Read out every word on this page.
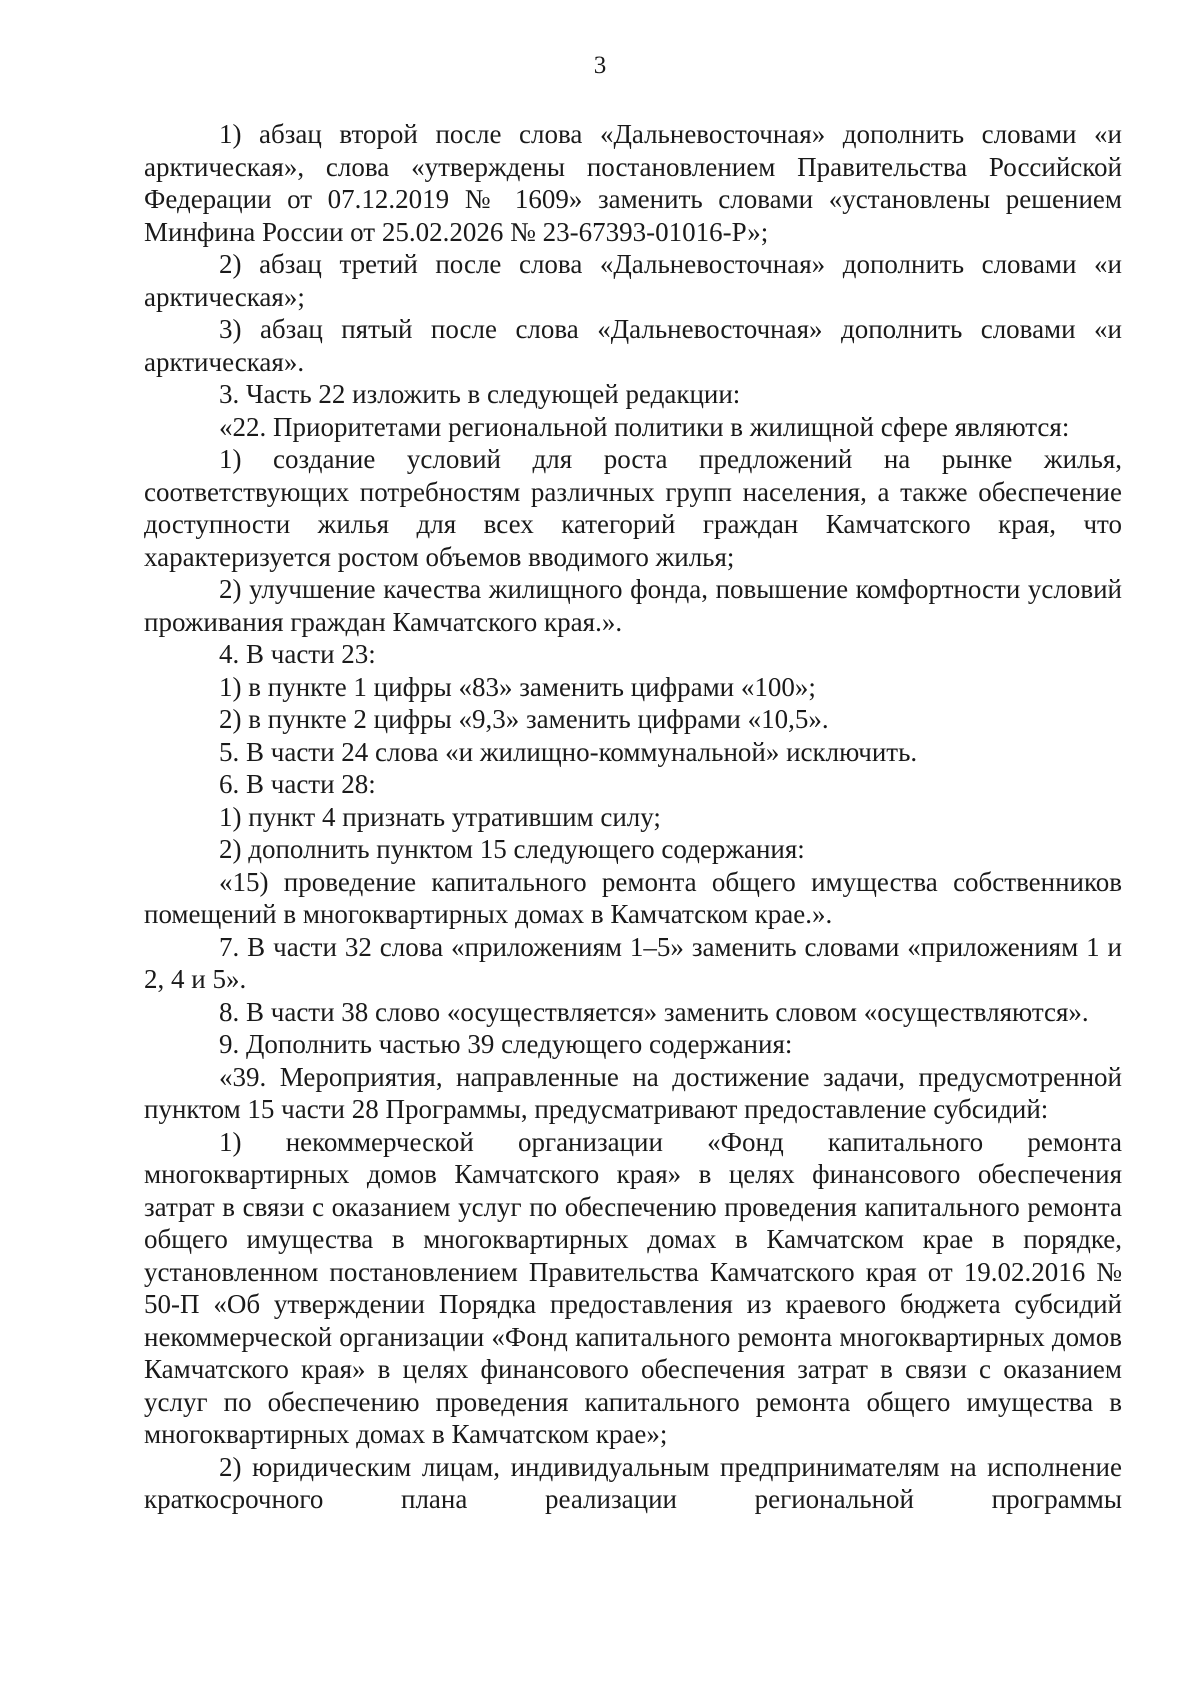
3

1) абзац второй после слова «Дальневосточная» дополнить словами «и арктическая», слова «утверждены постановлением Правительства Российской Федерации от 07.12.2019 № 1609» заменить словами «установлены решением Минфина России от 25.02.2026 № 23-67393-01016-Р»;

2) абзац третий после слова «Дальневосточная» дополнить словами «и арктическая»;

3) абзац пятый после слова «Дальневосточная» дополнить словами «и арктическая».

3. Часть 22 изложить в следующей редакции:

«22. Приоритетами региональной политики в жилищной сфере являются:

1) создание условий для роста предложений на рынке жилья, соответствующих потребностям различных групп населения, а также обеспечение доступности жилья для всех категорий граждан Камчатского края, что характеризуется ростом объемов вводимого жилья;

2) улучшение качества жилищного фонда, повышение комфортности условий проживания граждан Камчатского края.».

4. В части 23:

1) в пункте 1 цифры «83» заменить цифрами «100»;

2) в пункте 2 цифры «9,3» заменить цифрами «10,5».

5. В части 24 слова «и жилищно-коммунальной» исключить.

6. В части 28:

1) пункт 4 признать утратившим силу;

2) дополнить пунктом 15 следующего содержания:

«15) проведение капитального ремонта общего имущества собственников помещений в многоквартирных домах в Камчатском крае.».

7. В части 32 слова «приложениям 1–5» заменить словами «приложениям 1 и 2, 4 и 5».

8. В части 38 слово «осуществляется» заменить словом «осуществляются».

9. Дополнить частью 39 следующего содержания:

«39. Мероприятия, направленные на достижение задачи, предусмотренной пунктом 15 части 28 Программы, предусматривают предоставление субсидий:

1) некоммерческой организации «Фонд капитального ремонта многоквартирных домов Камчатского края» в целях финансового обеспечения затрат в связи с оказанием услуг по обеспечению проведения капитального ремонта общего имущества в многоквартирных домах в Камчатском крае в порядке, установленном постановлением Правительства Камчатского края от 19.02.2016 № 50-П «Об утверждении Порядка предоставления из краевого бюджета субсидий некоммерческой организации «Фонд капитального ремонта многоквартирных домов Камчатского края» в целях финансового обеспечения затрат в связи с оказанием услуг по обеспечению проведения капитального ремонта общего имущества в многоквартирных домах в Камчатском крае»;

2) юридическим лицам, индивидуальным предпринимателям на исполнение краткосрочного плана реализации региональной программы
